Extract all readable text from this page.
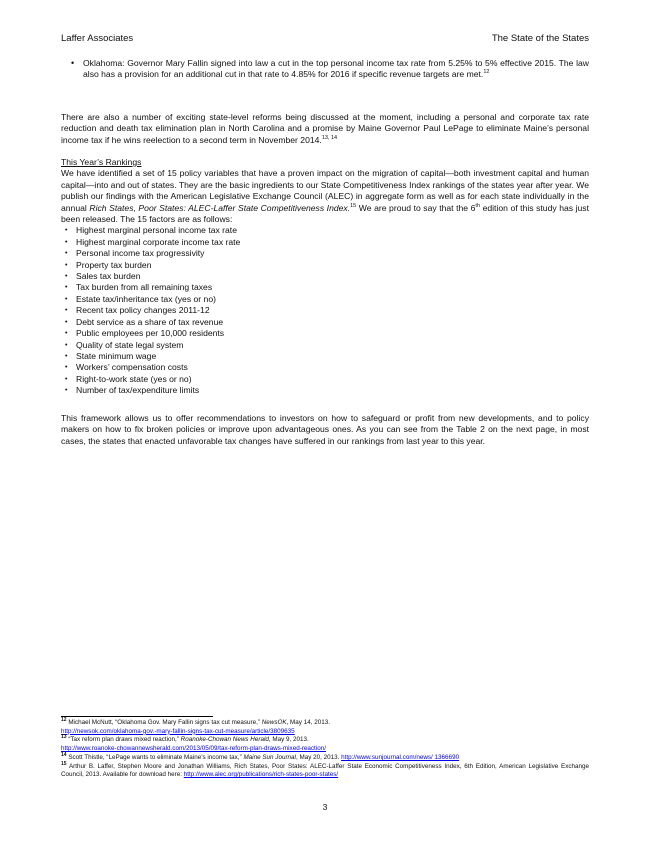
Laffer Associates	The State of the States
• Oklahoma: Governor Mary Fallin signed into law a cut in the top personal income tax rate from 5.25% to 5% effective 2015. The law also has a provision for an additional cut in that rate to 4.85% for 2016 if specific revenue targets are met.$^{12}$

There are also a number of exciting state-level reforms being discussed at the moment, including a personal and corporate tax rate reduction and death tax elimination plan in North Carolina and a promise by Maine Governor Paul LePage to eliminate Maine’s personal income tax if he wins reelection to a second term in November 2014.$^{13, 14}$

This Year’s Rankings

We have identified a set of 15 policy variables that have a proven impact on the migration of capital—both investment capital and human capital—into and out of states. They are the basic ingredients to our State Competitiveness Index rankings of the states year after year. We publish our findings with the American Legislative Exchange Council (ALEC) in aggregate form as well as for each state individually in the annual Rich States, Poor States: ALEC-Laffer State Competitiveness Index.$^{15}$ We are proud to say that the 6th edition of this study has just been released. The 15 factors are as follows:

• Highest marginal personal income tax rate
• Highest marginal corporate income tax rate
• Personal income tax progressivity
• Property tax burden
• Sales tax burden
• Tax burden from all remaining taxes
• Estate tax/inheritance tax (yes or no)
• Recent tax policy changes 2011-12
• Debt service as a share of tax revenue
• Public employees per 10,000 residents
• Quality of state legal system
• State minimum wage
• Workers’ compensation costs
• Right-to-work state (yes or no)
• Number of tax/expenditure limits

This framework allows us to offer recommendations to investors on how to safeguard or profit from new developments, and to policy makers on how to fix broken policies or improve upon advantageous ones. As you can see from the Table 2 on the next page, in most cases, the states that enacted unfavorable tax changes have suffered in our rankings from last year to this year.

$^{12}$ Michael McNutt, “Oklahoma Gov. Mary Fallin signs tax cut measure,” NewsOK, May 14, 2013.
http://newsok.com/oklahoma-gov.-mary-fallin-signs-tax-cut-measure/article/3809635

$^{13}$ “Tax reform plan draws mixed reaction,” Roanoke-Chowan News Herald, May 9, 2013.
http://www.roanoke-chowannewsherald.com/2013/05/09/tax-reform-plan-draws-mixed-reaction/

$^{14}$ Scott Thistle, “LePage wants to eliminate Maine’s income tax,” Maine Sun Journal, May 20, 2013. http://www.sunjournal.com/news/ 1366690

$^{15}$ Arthur B. Laffer, Stephen Moore and Jonathan Williams, Rich States, Poor States: ALEC-Laffer State Economic Competitiveness Index, 6th Edition, American Legislative Exchange Council, 2013. Available for download here: http://www.alec.org/publications/rich-states-poor-states/

3
